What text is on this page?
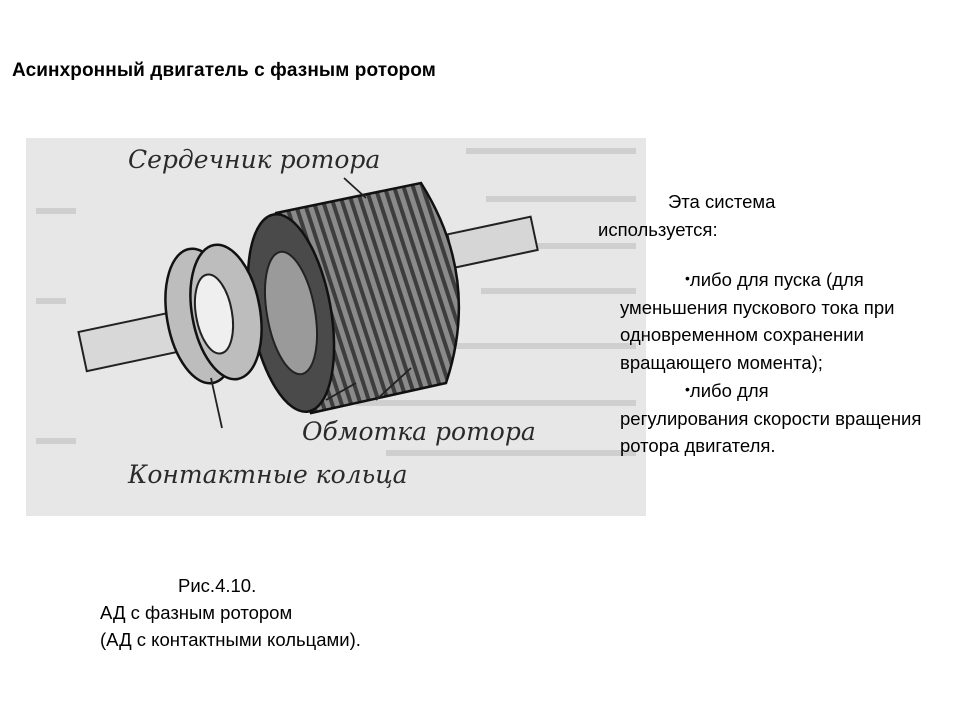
Асинхронный двигатель с фазным ротором
Сердечник ротора
Обмотка ротора
Контактные кольца
Эта система
используется:
•либо для пуска (для
уменьшения пускового тока при одновременном сохранении вращающего момента);
•либо для
регулирования скорости вращения ротора двигателя.
Рис.4.10.
АД с фазным ротором
(АД с контактными кольцами).
